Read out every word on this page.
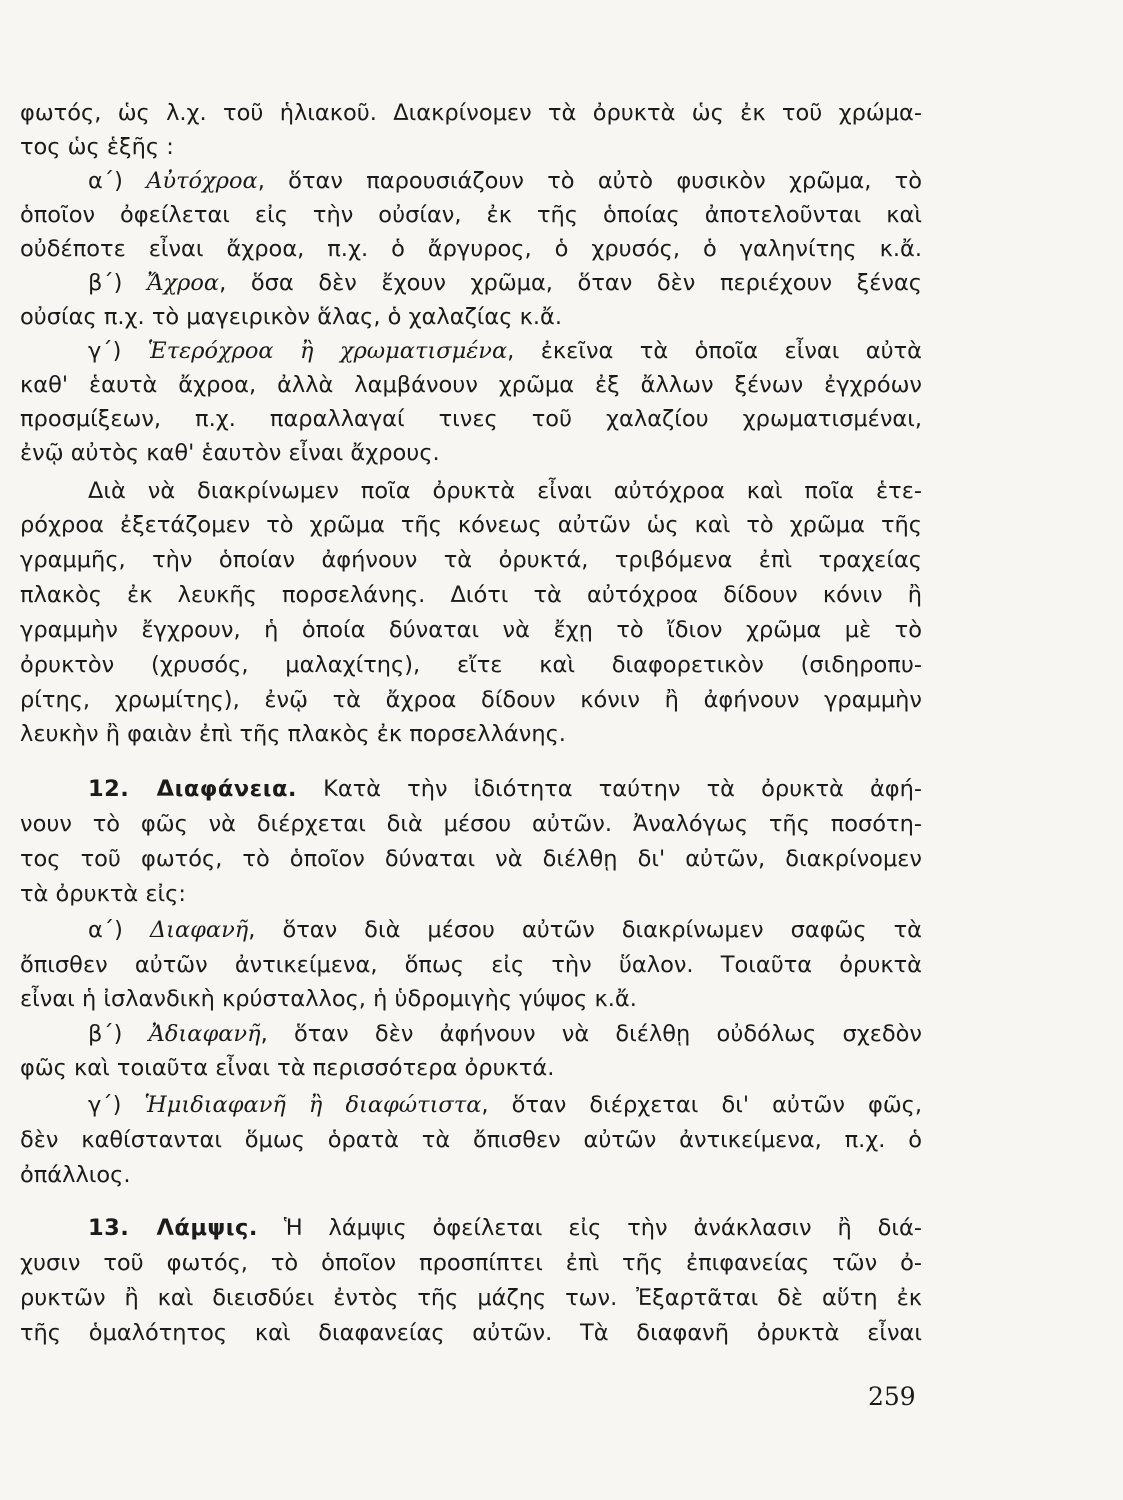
φωτός, ὡς λ.χ. τοῦ ἡλιακοῦ. Διακρίνομεν τὰ ὀρυκτὰ ὡς ἐκ τοῦ χρώμα-
τος ὡς ἑξῆς :
α΄) Αὐτόχροα, ὅταν παρουσιάζουν τὸ αὐτὸ φυσικὸν χρῶμα, τὸ
ὁποῖον ὀφείλεται εἰς τὴν οὐσίαν, ἐκ τῆς ὁποίας ἀποτελοῦνται καὶ
οὐδέποτε εἶναι ἄχροα, π.χ. ὁ ἄργυρος, ὁ χρυσός, ὁ γαληνίτης κ.ἄ.
β΄) Ἄχροα, ὅσα δὲν ἔχουν χρῶμα, ὅταν δὲν περιέχουν ξένας
οὐσίας π.χ. τὸ μαγειρικὸν ἅλας, ὁ χαλαζίας κ.ἄ.
γ΄) Ἑτερόχροα ἢ χρωματισμένα, ἐκεῖνα τὰ ὁποῖα εἶναι αὐτὰ
καθ' ἑαυτὰ ἄχροα, ἀλλὰ λαμβάνουν χρῶμα ἐξ ἄλλων ξένων ἐγχρόων
προσμίξεων, π.χ. παραλλαγαί τινες τοῦ χαλαζίου χρωματισμέναι,
ἐνῷ αὐτὸς καθ' ἑαυτὸν εἶναι ἄχρους.
Διὰ νὰ διακρίνωμεν ποῖα ὀρυκτὰ εἶναι αὐτόχροα καὶ ποῖα ἑτε-
ρόχροα ἐξετάζομεν τὸ χρῶμα τῆς κόνεως αὐτῶν ὡς καὶ τὸ χρῶμα τῆς
γραμμῆς, τὴν ὁποίαν ἀφήνουν τὰ ὀρυκτά, τριβόμενα ἐπὶ τραχείας
πλακὸς ἐκ λευκῆς πορσελάνης. Διότι τὰ αὐτόχροα δίδουν κόνιν ἢ
γραμμὴν ἔγχρουν, ἡ ὁποία δύναται νὰ ἔχῃ τὸ ἴδιον χρῶμα μὲ τὸ
ὀρυκτὸν (χρυσός, μαλαχίτης), εἴτε καὶ διαφορετικὸν (σιδηροπυ-
ρίτης, χρωμίτης), ἐνῷ τὰ ἄχροα δίδουν κόνιν ἢ ἀφήνουν γραμμὴν
λευκὴν ἢ φαιὰν ἐπὶ τῆς πλακὸς ἐκ πορσελλάνης.
12. Διαφάνεια. Κατὰ τὴν ἰδιότητα ταύτην τὰ ὀρυκτὰ ἀφή-
νουν τὸ φῶς νὰ διέρχεται διὰ μέσου αὐτῶν. Ἀναλόγως τῆς ποσότη-
τος τοῦ φωτός, τὸ ὁποῖον δύναται νὰ διέλθῃ δι' αὐτῶν, διακρίνομεν
τὰ ὀρυκτὰ εἰς:
α΄) Διαφανῆ, ὅταν διὰ μέσου αὐτῶν διακρίνωμεν σαφῶς τὰ
ὄπισθεν αὐτῶν ἀντικείμενα, ὅπως εἰς τὴν ὕαλον. Τοιαῦτα ὀρυκτὰ
εἶναι ἡ ἰσλανδικὴ κρύσταλλος, ἡ ὑδρομιγὴς γύψος κ.ἄ.
β΄) Ἀδιαφανῆ, ὅταν δὲν ἀφήνουν νὰ διέλθῃ οὐδόλως σχεδὸν
φῶς καὶ τοιαῦτα εἶναι τὰ περισσότερα ὀρυκτά.
γ΄) Ἡμιδιαφανῆ ἢ διαφώτιστα, ὅταν διέρχεται δι' αὐτῶν φῶς,
δὲν καθίστανται ὅμως ὁρατὰ τὰ ὄπισθεν αὐτῶν ἀντικείμενα, π.χ. ὁ
ὀπάλλιος.
13. Λάμψις. Ἡ λάμψις ὀφείλεται εἰς τὴν ἀνάκλασιν ἢ διά-
χυσιν τοῦ φωτός, τὸ ὁποῖον προσπίπτει ἐπὶ τῆς ἐπιφανείας τῶν ὀ-
ρυκτῶν ἢ καὶ διεισδύει ἐντὸς τῆς μάζης των. Ἐξαρτᾶται δὲ αὕτη ἐκ
τῆς ὁμαλότητος καὶ διαφανείας αὐτῶν. Τὰ διαφανῆ ὀρυκτὰ εἶναι
259
